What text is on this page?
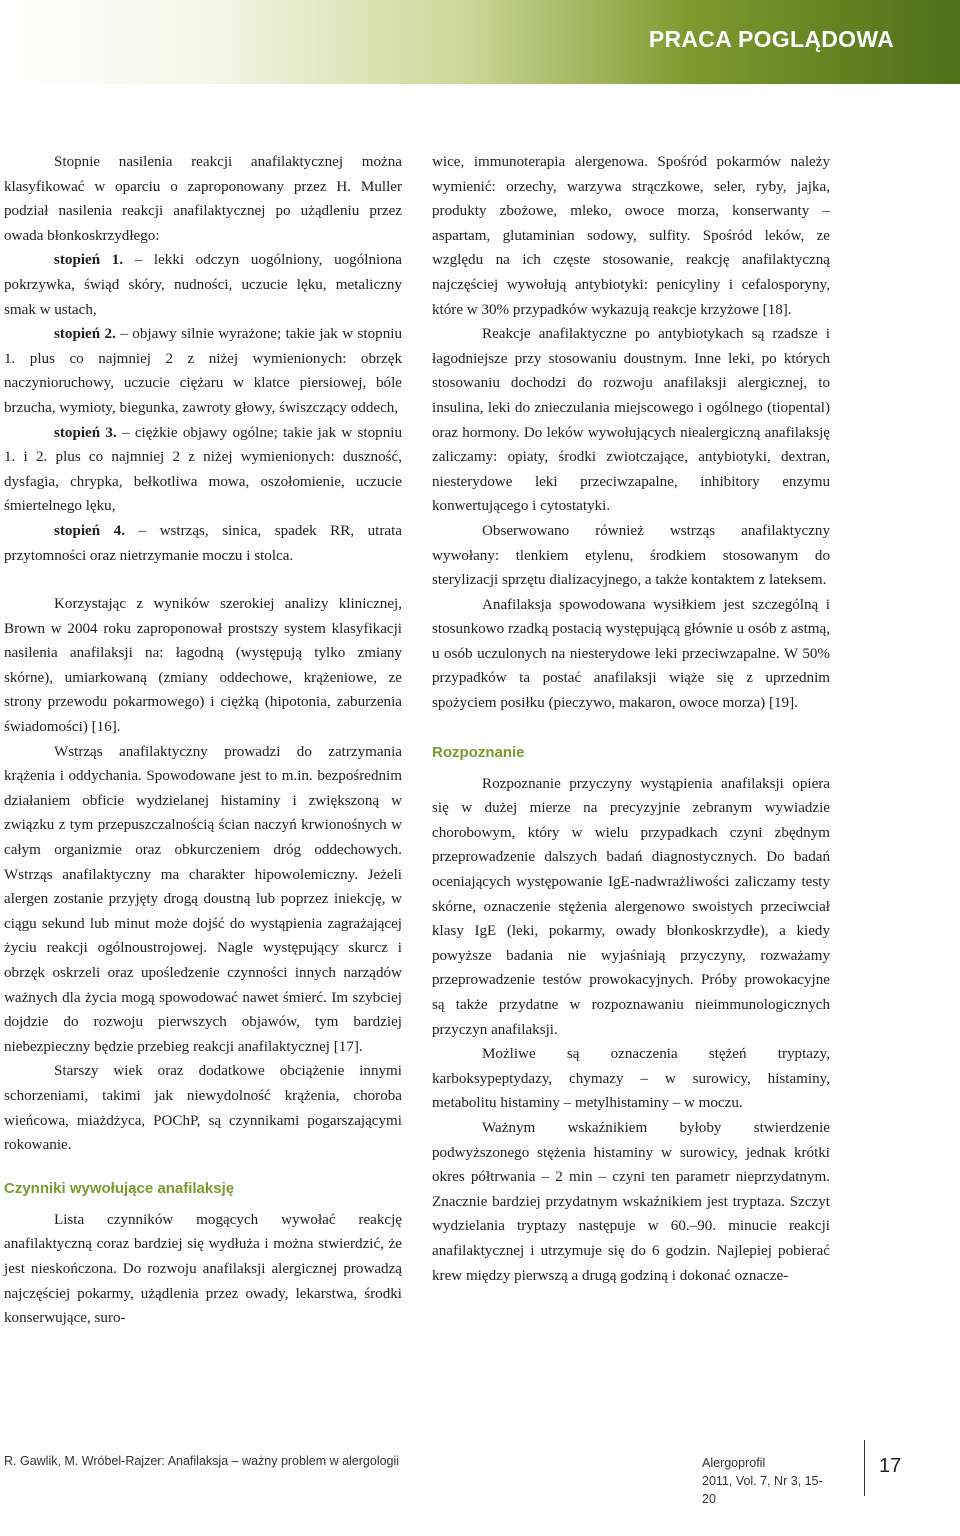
PRACA POGLĄDOWA

Stopnie nasilenia reakcji anafilaktycznej można klasyfikować w oparciu o zaproponowany przez H. Muller podział nasilenia reakcji anafilaktycznej po użądleniu przez owada błonkoskrzydłego:

stopień 1. – lekki odczyn uogólniony, uogólniona pokrzywka, świąd skóry, nudności, uczucie lęku, metaliczny smak w ustach,

stopień 2. – objawy silnie wyrażone; takie jak w stopniu 1. plus co najmniej 2 z niżej wymienionych: obrzęk naczynioruchowy, uczucie ciężaru w klatce piersiowej, bóle brzucha, wymioty, biegunka, zawroty głowy, świszczący oddech,

stopień 3. – ciężkie objawy ogólne; takie jak w stopniu 1. i 2. plus co najmniej 2 z niżej wymienionych: duszność, dysfagia, chrypka, bełkotliwa mowa, oszołomienie, uczucie śmiertelnego lęku,

stopień 4. – wstrząs, sinica, spadek RR, utrata przytomności oraz nietrzymanie moczu i stolca.

Korzystając z wyników szerokiej analizy klinicznej, Brown w 2004 roku zaproponował prostszy system klasyfikacji nasilenia anafilaksji na: łagodną (występują tylko zmiany skórne), umiarkowaną (zmiany oddechowe, krążeniowe, ze strony przewodu pokarmowego) i ciężką (hipotonia, zaburzenia świadomości) [16].

Wstrząs anafilaktyczny prowadzi do zatrzymania krążenia i oddychania. Spowodowane jest to m.in. bezpośrednim działaniem obficie wydzielanej histaminy i zwiększoną w związku z tym przepuszczalnością ścian naczyń krwionośnych w całym organizmie oraz obkurczeniem dróg oddechowych. Wstrząs anafilaktyczny ma charakter hipowolemiczny. Jeżeli alergen zostanie przyjęty drogą doustną lub poprzez iniekcję, w ciągu sekund lub minut może dojść do wystąpienia zagrażającej życiu reakcji ogólnoustrojowej. Nagle występujący skurcz i obrzęk oskrzeli oraz upośledzenie czynności innych narządów ważnych dla życia mogą spowodować nawet śmierć. Im szybciej dojdzie do rozwoju pierwszych objawów, tym bardziej niebezpieczny będzie przebieg reakcji anafilaktycznej [17].

Starszy wiek oraz dodatkowe obciążenie innymi schorzeniami, takimi jak niewydolność krążenia, choroba wieńcowa, miażdżyca, POChP, są czynnikami pogarszającymi rokowanie.

Czynniki wywołujące anafilaksję

Lista czynników mogących wywołać reakcję anafilaktyczną coraz bardziej się wydłuża i można stwierdzić, że jest nieskończona. Do rozwoju anafilaksji alergicznej prowadzą najczęściej pokarmy, użądlenia przez owady, lekarstwa, środki konserwujące, suro-

wice, immunoterapia alergenowa. Spośród pokarmów należy wymienić: orzechy, warzywa strączkowe, seler, ryby, jajka, produkty zbożowe, mleko, owoce morza, konserwanty – aspartam, glutaminian sodowy, sulfity. Spośród leków, ze względu na ich częste stosowanie, reakcję anafilaktyczną najczęściej wywołują antybiotyki: penicyliny i cefalosporyny, które w 30% przypadków wykazują reakcje krzyżowe [18].

Reakcje anafilaktyczne po antybiotykach są rzadsze i łagodniejsze przy stosowaniu doustnym. Inne leki, po których stosowaniu dochodzi do rozwoju anafilaksji alergicznej, to insulina, leki do znieczulania miejscowego i ogólnego (tiopental) oraz hormony. Do leków wywołujących niealergiczną anafilaksję zaliczamy: opiaty, środki zwiotczające, antybiotyki, dextran, niesterydowe leki przeciwzapalne, inhibitory enzymu konwertującego i cytostatyki.

Obserwowano również wstrząs anafilaktyczny wywołany: tlenkiem etylenu, środkiem stosowanym do sterylizacji sprzętu dializacyjnego, a także kontaktem z lateksem.

Anafilaksja spowodowana wysiłkiem jest szczególną i stosunkowo rzadką postacią występującą głównie u osób z astmą, u osób uczulonych na niesterydowe leki przeciwzapalne. W 50% przypadków ta postać anafilaksji wiąże się z uprzednim spożyciem posiłku (pieczywo, makaron, owoce morza) [19].

Rozpoznanie

Rozpoznanie przyczyny wystąpienia anafilaksji opiera się w dużej mierze na precyzyjnie zebranym wywiadzie chorobowym, który w wielu przypadkach czyni zbędnym przeprowadzenie dalszych badań diagnostycznych. Do badań oceniających występowanie IgE-nadwrażliwości zaliczamy testy skórne, oznaczenie stężenia alergenowo swoistych przeciwciał klasy IgE (leki, pokarmy, owady błonkoskrzydłe), a kiedy powyższe badania nie wyjaśniają przyczyny, rozważamy przeprowadzenie testów prowokacyjnych. Próby prowokacyjne są także przydatne w rozpoznawaniu nieimmunologicznych przyczyn anafilaksji.

Możliwe są oznaczenia stężeń tryptazy, karboksypeptydazy, chymazy – w surowicy, histaminy, metabolitu histaminy – metylhistaminy – w moczu.

Ważnym wskaźnikiem byłoby stwierdzenie podwyższonego stężenia histaminy w surowicy, jednak krótki okres półtrwania – 2 min – czyni ten parametr nieprzydatnym. Znacznie bardziej przydatnym wskaźnikiem jest tryptaza. Szczyt wydzielania tryptazy następuje w 60.–90. minucie reakcji anafilaktycznej i utrzymuje się do 6 godzin. Najlepiej pobierać krew między pierwszą a drugą godziną i dokonać oznacze-

R. Gawlik, M. Wróbel-Rajzer: Anafilaksja – ważny problem w alergologii	Alergoprofil
2011, Vol. 7, Nr 3, 15-20
17
